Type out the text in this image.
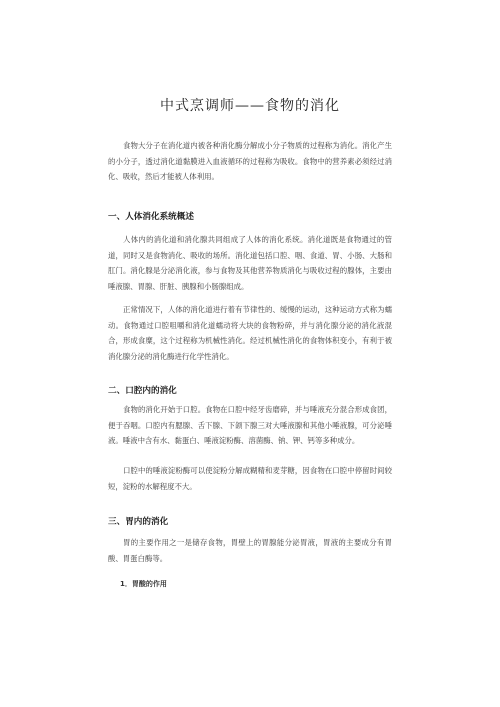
中式烹调师——食物的消化

食物大分子在消化道内被各种消化酶分解成小分子物质的过程称为消化。消化产生的小分子，透过消化道黏膜进入血液循环的过程称为吸收。食物中的营养素必须经过消化、吸收，然后才能被人体利用。

一、人体消化系统概述

人体内的消化道和消化腺共同组成了人体的消化系统。消化道既是食物通过的管道，同时又是食物消化、吸收的场所。消化道包括口腔、咽、食道、胃、小肠、大肠和肛门。消化腺是分泌消化液，参与食物及其他营养物质消化与吸收过程的腺体，主要由唾液腺、胃腺、肝脏、胰腺和小肠腺组成。

正常情况下，人体的消化道进行着有节律性的、缓慢的运动，这种运动方式称为蠕动。食物通过口腔咀嚼和消化道蠕动将大块的食物粉碎，并与消化腺分泌的消化液混合，形成食糜，这个过程称为机械性消化。经过机械性消化的食物体积变小，有利于被消化腺分泌的消化酶进行化学性消化。

二、口腔内的消化

食物的消化开始于口腔。食物在口腔中经牙齿磨碎，并与唾液充分混合形成食团，便于吞咽。口腔内有腮腺、舌下腺、下颌下腺三对大唾液腺和其他小唾液腺，可分泌唾液。唾液中含有水、黏蛋白、唾液淀粉酶、溶菌酶、钠、钾、钙等多种成分。

口腔中的唾液淀粉酶可以使淀粉分解成糊精和麦芽糖，因食物在口腔中停留时间较短，淀粉的水解程度不大。

三、胃内的消化

胃的主要作用之一是储存食物，胃壁上的胃腺能分泌胃液，胃液的主要成分有胃酸、胃蛋白酶等。

1．胃酸的作用
